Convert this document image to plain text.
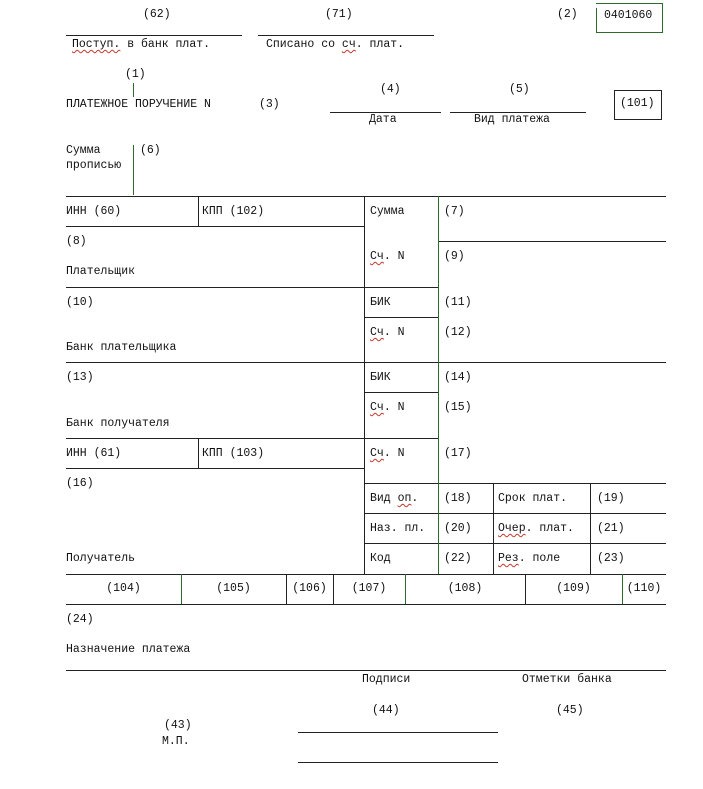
(62)	(71)	(2) 0401060
Поступ. в банк плат.	Списано со сч. плат.
(1)
ПЛАТЕЖНОЕ ПОРУЧЕНИЕ N	(3)
(4)	(5)
Дата	Вид платежа
(101)
Сумма
прописью
(6)
ИНН (60)	КПП (102)	Сумма	(7)
(8)
Плательщик
Сч. N	(9)
(10)
Банк плательщика
БИК	(11)
Сч. N	(12)
(13)
Банк получателя
БИК	(14)
Сч. N	(15)
ИНН (61)	КПП (103)	Сч. N	(17)
(16)
Получатель
Вид оп. (18) Срок плат.	(19)
Наз. пл. (20) Очер. плат. (21)
Код	(22) Рез. поле	(23)
(104)	(105)	(106)	(107)	(108)	(109)	(110)
(24)
Назначение платежа
Подписи	Отметки банка
(44)	(45)
(43)
М.П.
